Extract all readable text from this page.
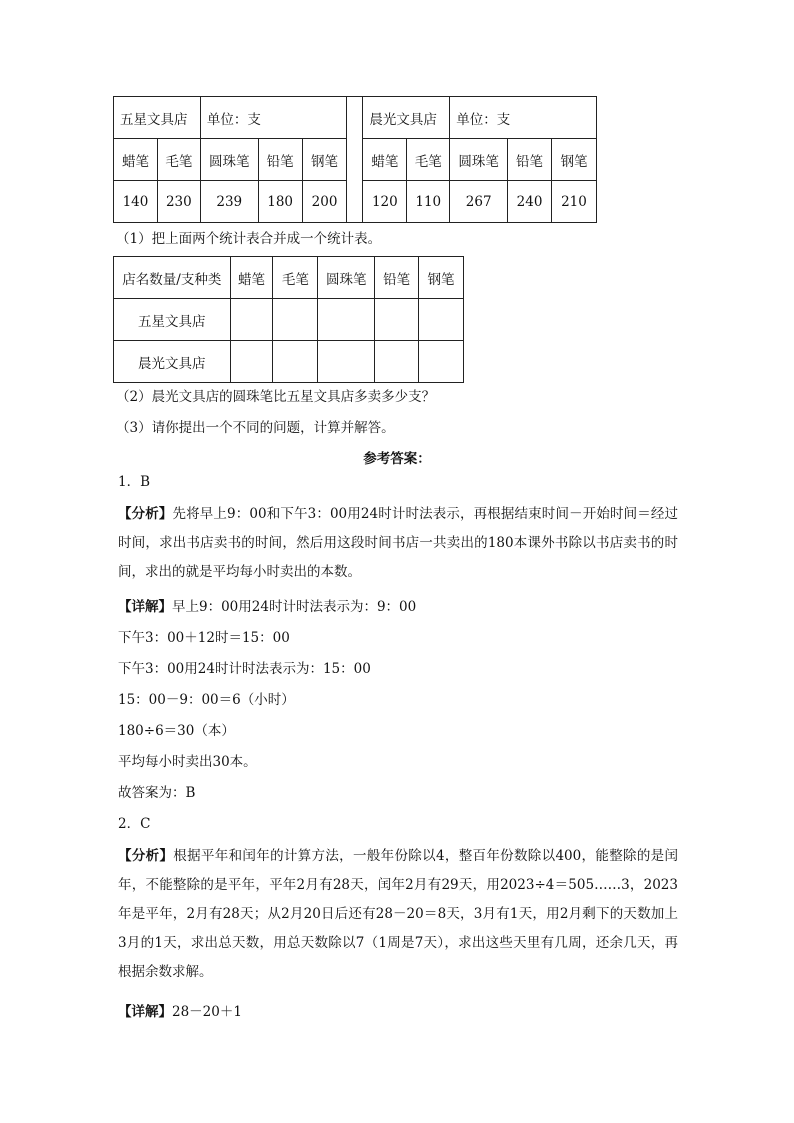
五星文具店		单位：支				晨光文具店		单位：支		
蜡笔	毛笔	圆珠笔	铅笔	钢笔		蜡笔	毛笔	圆珠笔	铅笔	钢笔
140	230	239	180	200		120	110	267	240	210
（1）把上面两个统计表合并成一个统计表。
店名数量/支种类	蜡笔	毛笔	圆珠笔	铅笔	钢笔
五星文具店					
晨光文具店					
（2）晨光文具店的圆珠笔比五星文具店多卖多少支？
（3）请你提出一个不同的问题，计算并解答。
参考答案：
1．B
【分析】先将早上9：00和下午3：00用24时计时法表示，再根据结束时间－开始时间＝经过时间，求出书店卖书的时间，然后用这段时间书店一共卖出的180本课外书除以书店卖书的时间，求出的就是平均每小时卖出的本数。
【详解】早上9：00用24时计时法表示为：9：00
下午3：00＋12时＝15：00
下午3：00用24时计时法表示为：15：00
15：00－9：00＝6（小时）
180÷6＝30（本）
平均每小时卖出30本。
故答案为：B
2．C
【分析】根据平年和闰年的计算方法，一般年份除以4，整百年份数除以400，能整除的是闰年，不能整除的是平年，平年2月有28天，闰年2月有29天，用2023÷4＝505……3，2023年是平年，2月有28天；从2月20日后还有28－20＝8天，3月有1天，用2月剩下的天数加上3月的1天，求出总天数，用总天数除以7（1周是7天），求出这些天里有几周，还余几天，再根据余数求解。
【详解】28－20＋1
